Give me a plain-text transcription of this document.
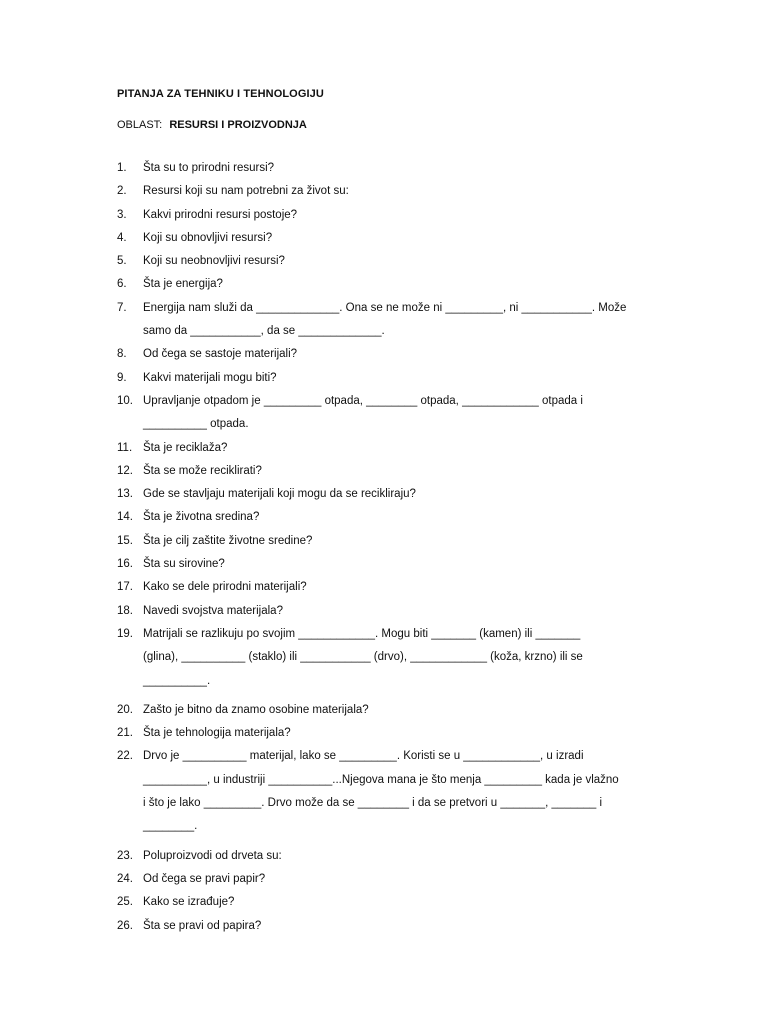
PITANJA ZA TEHNIKU I TEHNOLOGIJU
OBLAST: RESURSI I PROIZVODNJA
1.	Šta su to prirodni resursi?
2.	Resursi koji su nam potrebni za život su:
3.	Kakvi prirodni resursi postoje?
4.	Koji su obnovljivi resursi?
5.	Koji su neobnovljivi resursi?
6.	Šta je energija?
7.	Energija nam služi da _____________. Ona se ne može ni _________, ni ___________. Može
samo da ___________, da se _____________.
8.	Od čega se sastoje materijali?
9.	Kakvi materijali mogu biti?
10. Upravljanje otpadom je _________ otpada, ________ otpada, ____________ otpada i
__________ otpada.
11. Šta je reciklaža?
12. Šta se može reciklirati?
13. Gde se stavljaju materijali koji mogu da se recikliraju?
14. Šta je životna sredina?
15. Šta je cilj zaštite životne sredine?
16. Šta su sirovine?
17. Kako se dele prirodni materijali?
18. Navedi svojstva materijala?
19. Matrijali se razlikuju po svojim ____________. Mogu biti _______ (kamen) ili _______
(glina), __________ (staklo) ili ___________ (drvo), ____________ (koža, krzno) ili se
__________.
20. Zašto je bitno da znamo osobine materijala?
21. Šta je tehnologija materijala?
22. Drvo je __________ materijal, lako se _________. Koristi se u ____________, u izradi
__________, u industriji __________...Njegova mana je što menja _________ kada je vlažno
i što je lako _________. Drvo može da se ________ i da se pretvori u _______, _______ i
________.
23. Poluproizvodi od drveta su:
24. Od čega se pravi papir?
25. Kako se izrađuje?
26. Šta se pravi od papira?
